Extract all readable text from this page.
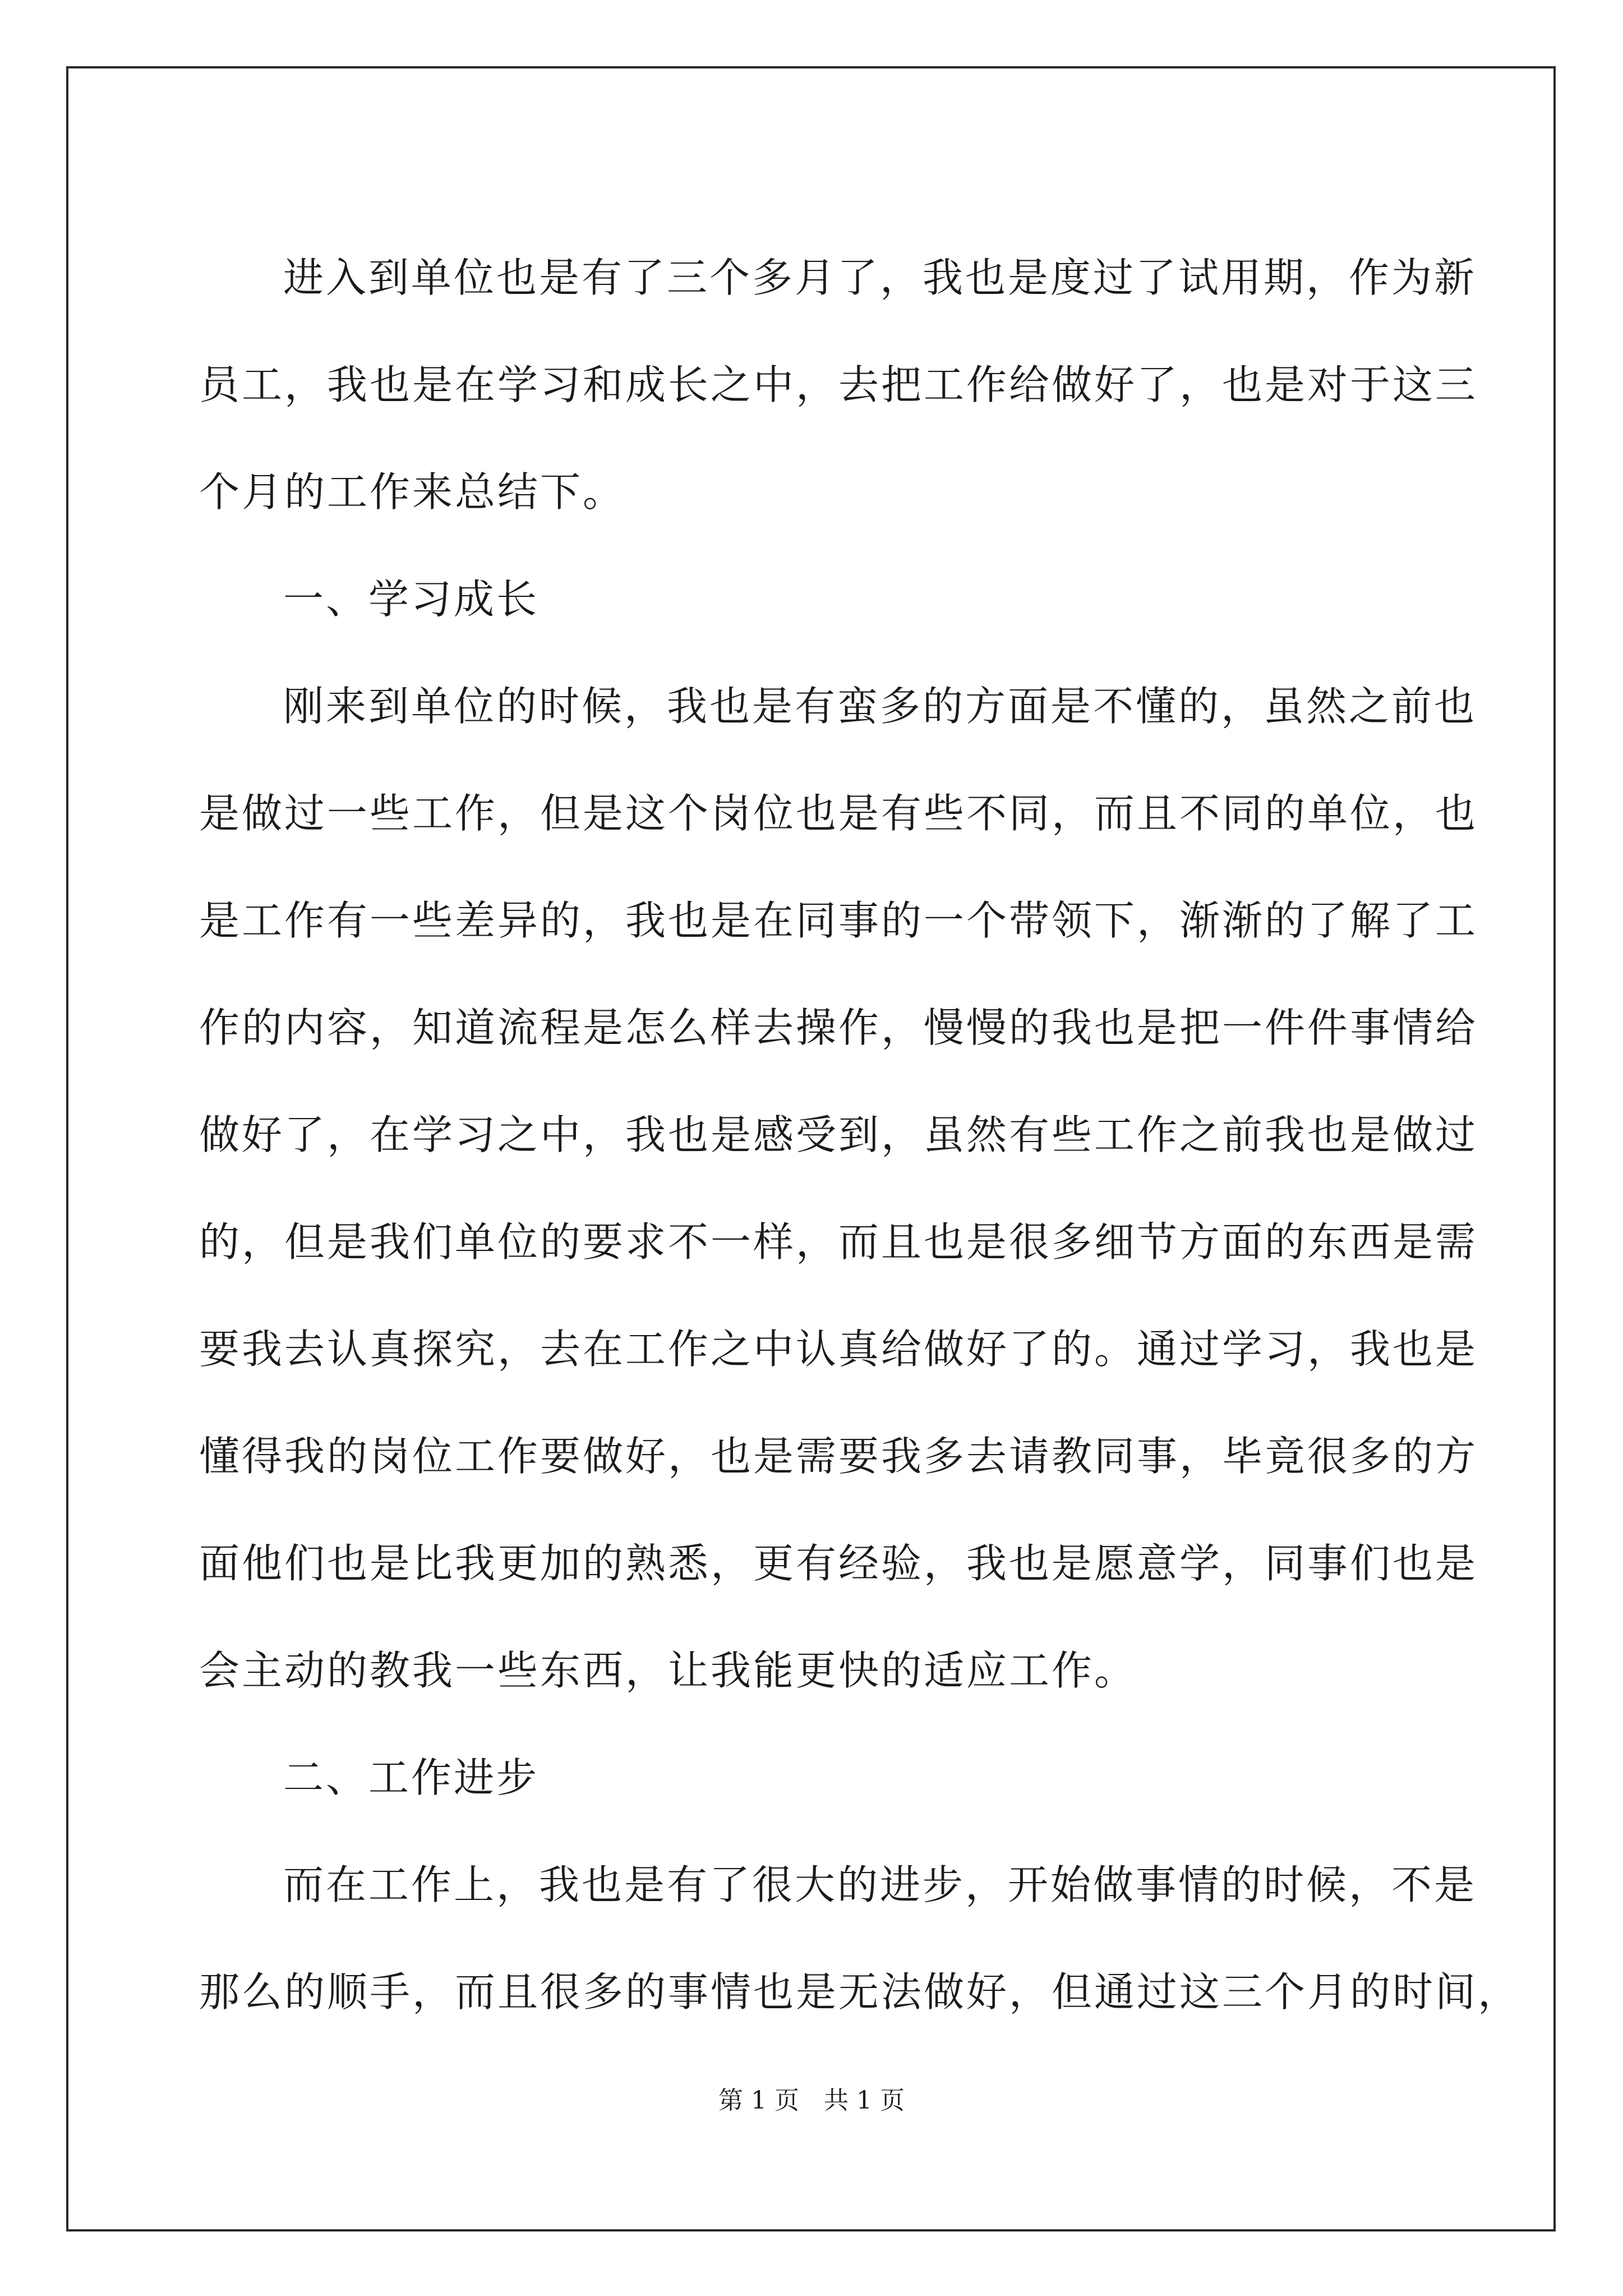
进入到单位也是有了三个多月了，我也是度过了试用期，作为新
员工，我也是在学习和成长之中，去把工作给做好了，也是对于这三
个月的工作来总结下。
一、学习成长
刚来到单位的时候，我也是有蛮多的方面是不懂的，虽然之前也
是做过一些工作，但是这个岗位也是有些不同，而且不同的单位，也
是工作有一些差异的，我也是在同事的一个带领下，渐渐的了解了工
作的内容，知道流程是怎么样去操作，慢慢的我也是把一件件事情给
做好了，在学习之中，我也是感受到，虽然有些工作之前我也是做过
的，但是我们单位的要求不一样，而且也是很多细节方面的东西是需
要我去认真探究，去在工作之中认真给做好了的。通过学习，我也是
懂得我的岗位工作要做好，也是需要我多去请教同事，毕竟很多的方
面他们也是比我更加的熟悉，更有经验，我也是愿意学，同事们也是
会主动的教我一些东西，让我能更快的适应工作。
二、工作进步
而在工作上，我也是有了很大的进步，开始做事情的时候，不是
那么的顺手，而且很多的事情也是无法做好，但通过这三个月的时间，
第 1 页　共 1 页
